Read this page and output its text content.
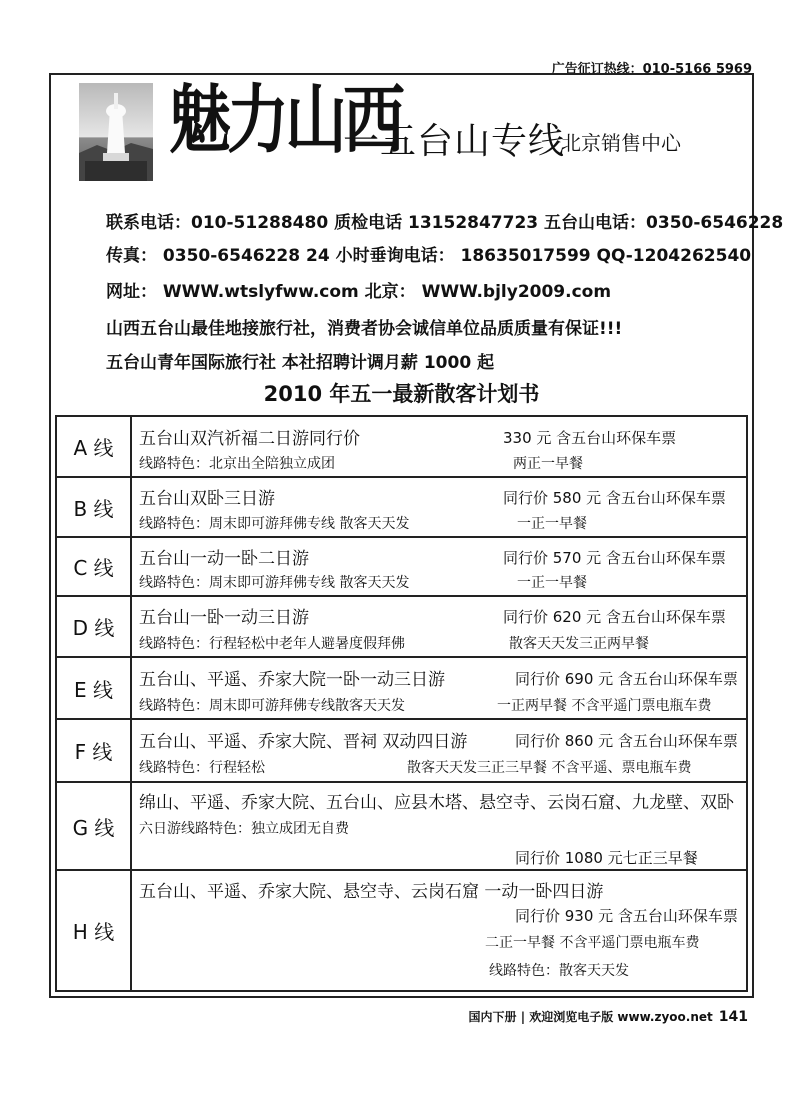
广告征订热线：010-5166 5969
魅力山西
一五台山专线
北京销售中心
联系电话：010-51288480 质检电话 13152847723 五台山电话：0350-6546228
传真： 0350-6546228 24 小时垂询电话： 18635017599 QQ-1204262540
网址： WWW.wtslyfww.com 北京： WWW.bjly2009.com
山西五台山最佳地接旅行社，消费者协会诚信单位品质质量有保证!!!
五台山青年国际旅行社 本社招聘计调月薪 1000 起
2010 年五一最新散客计划书
A 线	五台山双汽祈福二日游同行价	330 元 含五台山环保车票
线路特色：北京出全陪独立成团	两正一早餐
B 线	五台山双卧三日游	同行价 580 元 含五台山环保车票
线路特色：周末即可游拜佛专线 散客天天发	一正一早餐
C 线	五台山一动一卧二日游	同行价 570 元 含五台山环保车票
线路特色：周末即可游拜佛专线 散客天天发	一正一早餐
D 线	五台山一卧一动三日游	同行价 620 元 含五台山环保车票
线路特色：行程轻松中老年人避暑度假拜佛	散客天天发三正两早餐
E 线	五台山、平遥、乔家大院一卧一动三日游	同行价 690 元 含五台山环保车票
线路特色：周末即可游拜佛专线散客天天发	一正两早餐 不含平遥门票电瓶车费
F 线	五台山、平遥、乔家大院、晋祠 双动四日游	同行价 860 元 含五台山环保车票
线路特色：行程轻松	散客天天发三正三早餐 不含平遥、票电瓶车费
G 线
绵山、平遥、乔家大院、五台山、应县木塔、悬空寺、云岗石窟、九龙壁、双卧
六日游线路特色：独立成团无自费
同行价 1080 元七正三早餐
H 线
五台山、平遥、乔家大院、悬空寺、云岗石窟 一动一卧四日游
同行价 930 元 含五台山环保车票
二正一早餐 不含平遥门票电瓶车费
线路特色：散客天天发
国内下册 | 欢迎浏览电子版 www.zyoo.net 141
